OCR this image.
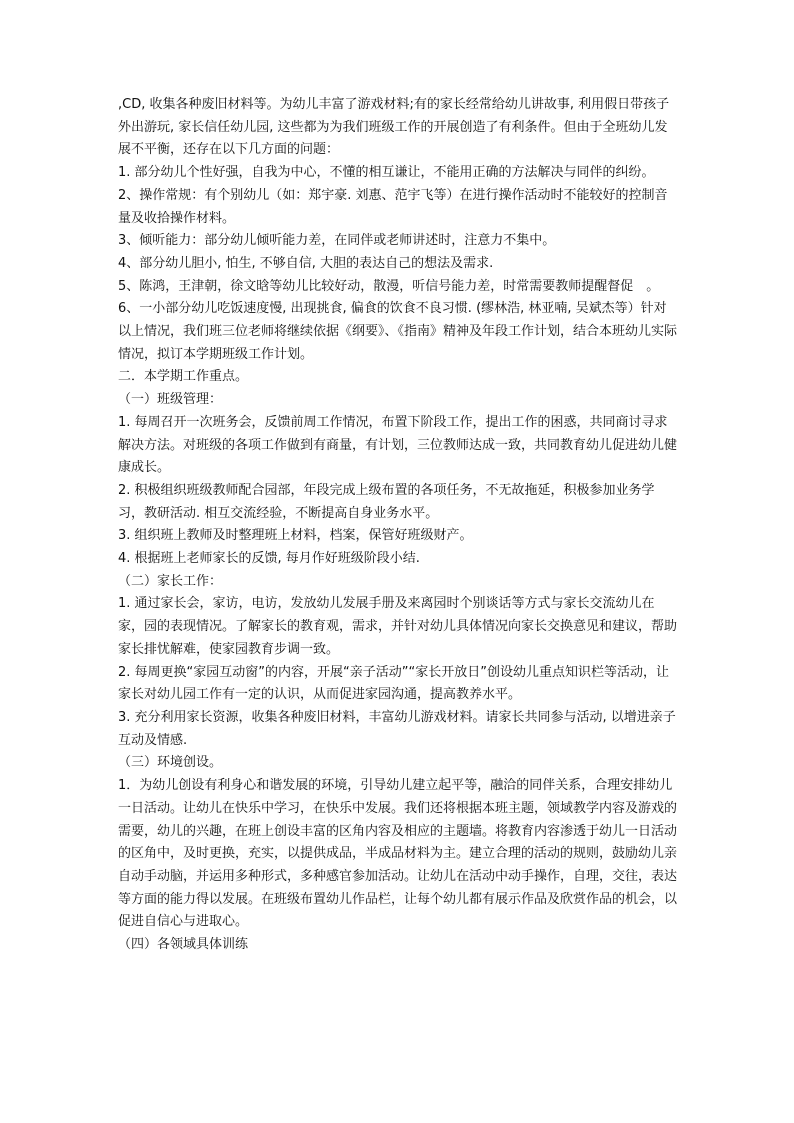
,CD, 收集各种废旧材料等。为幼儿丰富了游戏材料;有的家长经常给幼儿讲故事, 利用假日带孩子外出游玩, 家长信任幼儿园, 这些都为为我们班级工作的开展创造了有利条件。但由于全班幼儿发展不平衡，还存在以下几方面的问题：

1. 部分幼儿个性好强，自我为中心，不懂的相互谦让，不能用正确的方法解决与同伴的纠纷。

2、操作常规：有个别幼儿（如：郑宇豪. 刘惠、范宇飞等）在进行操作活动时不能较好的控制音量及收拾操作材料。

3、倾听能力：部分幼儿倾听能力差，在同伴或老师讲述时，注意力不集中。

4、部分幼儿胆小, 怕生, 不够自信, 大胆的表达自己的想法及需求.

5、陈鸿，王津朝，徐文晗等幼儿比较好动，散漫，听信号能力差，时常需要教师提醒督促　。

6、一小部分幼儿吃饭速度慢, 出现挑食, 偏食的饮食不良习惯. (缪林浩, 林亚喃, 吴斌杰等）针对以上情况，我们班三位老师将继续依据《纲要》、《指南》精神及年段工作计划，结合本班幼儿实际情况，拟订本学期班级工作计划。

二．本学期工作重点。

（一）班级管理：

1. 每周召开一次班务会，反馈前周工作情况，布置下阶段工作，提出工作的困惑，共同商讨寻求解决方法。对班级的各项工作做到有商量，有计划，三位教师达成一致，共同教育幼儿促进幼儿健康成长。

2. 积极组织班级教师配合园部，年段完成上级布置的各项任务，不无故拖延，积极参加业务学习，教研活动. 相互交流经验，不断提高自身业务水平。

3. 组织班上教师及时整理班上材料，档案，保管好班级财产。

4. 根据班上老师家长的反馈, 每月作好班级阶段小结.

（二）家长工作：

1. 通过家长会，家访，电访，发放幼儿发展手册及来离园时个别谈话等方式与家长交流幼儿在家，园的表现情况。了解家长的教育观，需求，并针对幼儿具体情况向家长交换意见和建议，帮助家长排忧解难，使家园教育步调一致。

2. 每周更换“家园互动窗”的内容，开展“亲子活动”“家长开放日”创设幼儿重点知识栏等活动，让家长对幼儿园工作有一定的认识，从而促进家园沟通，提高教养水平。

3. 充分利用家长资源，收集各种废旧材料，丰富幼儿游戏材料。请家长共同参与活动, 以增进亲子互动及情感.

（三）环境创设。

1．为幼儿创设有利身心和谐发展的环境，引导幼儿建立起平等，融洽的同伴关系，合理安排幼儿一日活动。让幼儿在快乐中学习，在快乐中发展。我们还将根据本班主题，领域教学内容及游戏的需要，幼儿的兴趣，在班上创设丰富的区角内容及相应的主题墙。将教育内容渗透于幼儿一日活动的区角中，及时更换，充实，以提供成品，半成品材料为主。建立合理的活动的规则，鼓励幼儿亲自动手动脑，并运用多种形式，多种感官参加活动。让幼儿在活动中动手操作，自理，交往，表达等方面的能力得以发展。在班级布置幼儿作品栏，让每个幼儿都有展示作品及欣赏作品的机会，以促进自信心与进取心。

（四）各领域具体训练
